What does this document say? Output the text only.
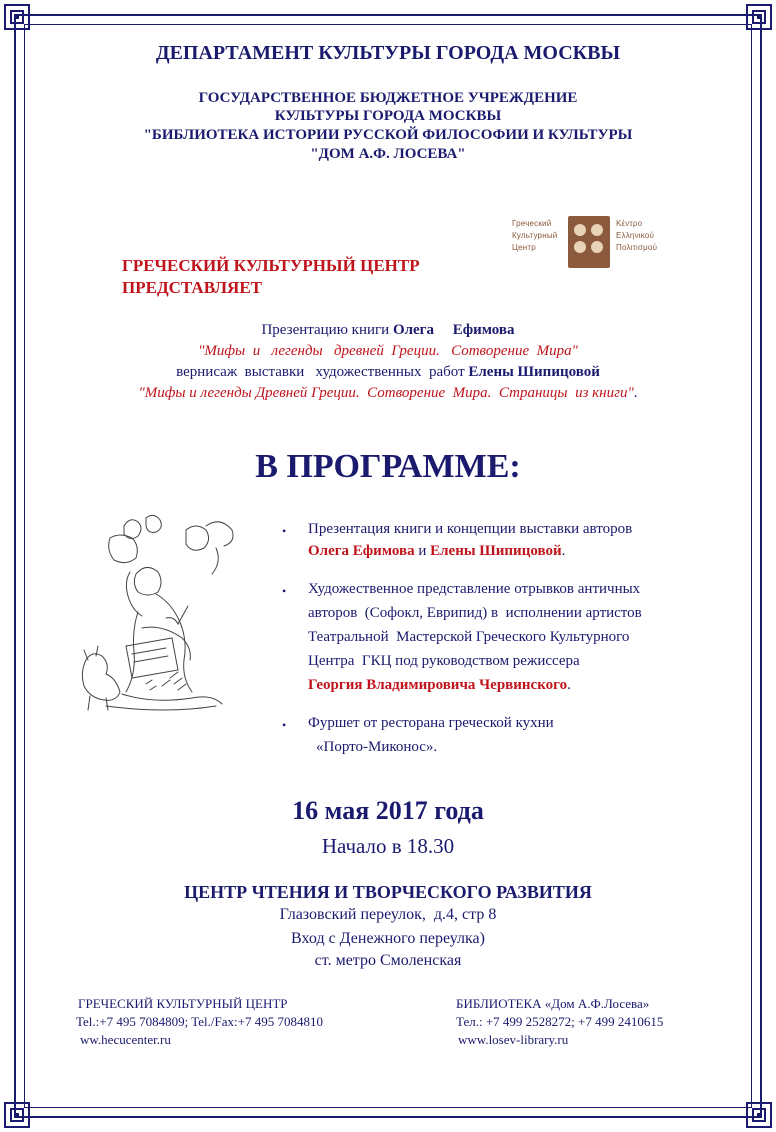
ДЕПАРТАМЕНТ КУЛЬТУРЫ ГОРОДА МОСКВЫ
ГОСУДАРСТВЕННОЕ БЮДЖЕТНОЕ УЧРЕЖДЕНИЕ
КУЛЬТУРЫ ГОРОДА МОСКВЫ
"БИБЛИОТЕКА ИСТОРИИ РУССКОЙ ФИЛОСОФИИ И КУЛЬТУРЫ
"ДОМ А.Ф. ЛОСЕВА"
ГРЕЧЕСКИЙ КУЛЬТУРНЫЙ ЦЕНТР
ПРЕДСТАВЛЯЕТ
Греческий
Культурный
Центр
Κέντρο
Ελληνικού
Πολιτισμού
Презентацию книги Олега     Ефимова
"Мифы  и   легенды   древней  Греции.   Сотворение  Мира"
вернисаж  выставки   художественных  работ Елены Шипицовой
"Мифы и легенды Древней Греции.  Сотворение  Мира.  Страницы  из книги".
В ПРОГРАММЕ:
• Презентация книги и концепции выставки авторов
Олега Ефимова и Елены Шипицовой.
• Художественное представление отрывков античных
авторов  (Софокл, Еврипид) в  исполнении артистов
Театральной  Мастерской Греческого Культурного
Центра  ГКЦ под руководством режиссера
Георгия Владимировича Червинского.
• Фуршет от ресторана греческой кухни
«Порто-Миконос».
16 мая 2017 года
Начало в 18.30
ЦЕНТР ЧТЕНИЯ И ТВОРЧЕСКОГО РАЗВИТИЯ
Глазовский переулок,  д.4, стр 8
Вход с Денежного переулка)
ст. метро Смоленская
ГРЕЧЕСКИЙ КУЛЬТУРНЫЙ ЦЕНТР
Tel.:+7 495 7084809; Tel./Fax:+7 495 7084810
ww.hecucenter.ru
БИБЛИОТЕКА «Дом А.Ф.Лосева»
Тел.: +7 499 2528272; +7 499 2410615
www.losev-library.ru
